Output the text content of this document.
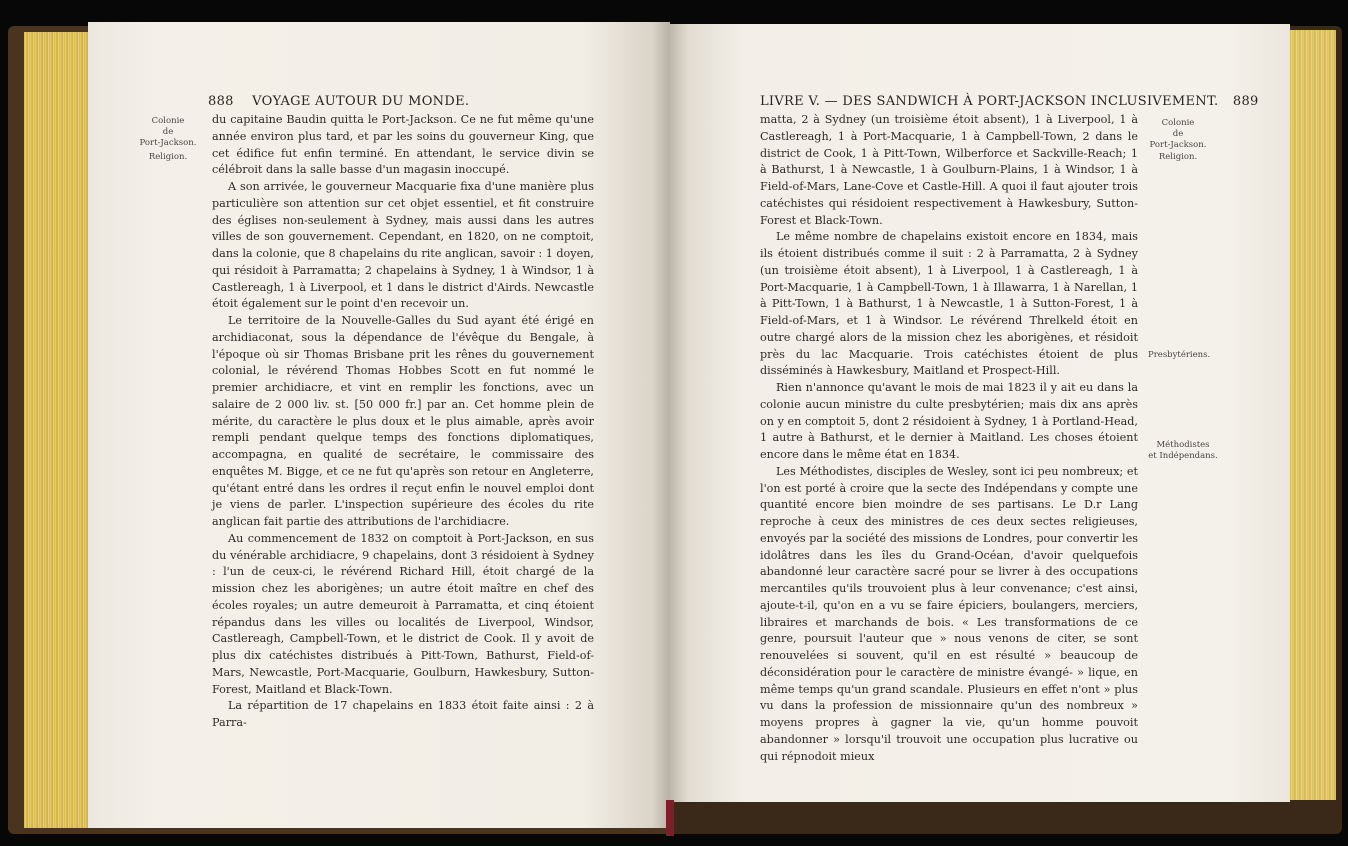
888 VOYAGE AUTOUR DU MONDE.
Colonie
de
Port-Jackson.
Religion.

du capitaine Baudin quitta le Port-Jackson. Ce ne fut même qu'une année environ plus tard, et par les soins du gouverneur King, que cet édifice fut enfin terminé. En attendant, le service divin se célébroit dans la salle basse d'un magasin inoccupé.

A son arrivée, le gouverneur Macquarie fixa d'une manière plus particulière son attention sur cet objet essentiel, et fit construire des églises non-seulement à Sydney, mais aussi dans les autres villes de son gouvernement. Cependant, en 1820, on ne comptoit, dans la colonie, que 8 chapelains du rite anglican, savoir : 1 doyen, qui résidoit à Parramatta; 2 chapelains à Sydney, 1 à Windsor, 1 à Castlereagh, 1 à Liverpool, et 1 dans le district d'Airds. Newcastle étoit également sur le point d'en recevoir un.

Le territoire de la Nouvelle-Galles du Sud ayant été érigé en archidiaconat, sous la dépendance de l'évêque du Bengale, à l'époque où sir Thomas Brisbane prit les rênes du gouvernement colonial, le révérend Thomas Hobbes Scott en fut nommé le premier archidiacre, et vint en remplir les fonctions, avec un salaire de 2 000 liv. st. [50 000 fr.] par an. Cet homme plein de mérite, du caractère le plus doux et le plus aimable, après avoir rempli pendant quelque temps des fonctions diplomatiques, accompagna, en qualité de secrétaire, le commissaire des enquêtes M. Bigge, et ce ne fut qu'après son retour en Angleterre, qu'étant entré dans les ordres il reçut enfin le nouvel emploi dont je viens de parler. L'inspection supérieure des écoles du rite anglican fait partie des attributions de l'archidiacre.

Au commencement de 1832 on comptoit à Port-Jackson, en sus du vénérable archidiacre, 9 chapelains, dont 3 résidoient à Sydney : l'un de ceux-ci, le révérend Richard Hill, étoit chargé de la mission chez les aborigènes; un autre étoit maître en chef des écoles royales; un autre demeuroit à Parramatta, et cinq étoient répandus dans les villes ou localités de Liverpool, Windsor, Castlereagh, Campbell-Town, et le district de Cook. Il y avoit de plus dix catéchistes distribués à Pitt-Town, Bathurst, Field-of-Mars, Newcastle, Port-Macquarie, Goulburn, Hawkesbury, Sutton-Forest, Maitland et Black-Town.

La répartition de 17 chapelains en 1833 étoit faite ainsi : 2 à Parra-

LIVRE V. — DES SANDWICH À PORT-JACKSON INCLUSIVEMENT. 889
Colonie
de
Port-Jackson.
Religion.
Presbytériens.
Méthodistes
et Indépendans.

matta, 2 à Sydney (un troisième étoit absent), 1 à Liverpool, 1 à Castlereagh, 1 à Port-Macquarie, 1 à Campbell-Town, 2 dans le district de Cook, 1 à Pitt-Town, Wilberforce et Sackville-Reach; 1 à Bathurst, 1 à Newcastle, 1 à Goulburn-Plains, 1 à Windsor, 1 à Field-of-Mars, Lane-Cove et Castle-Hill. A quoi il faut ajouter trois catéchistes qui résidoient respectivement à Hawkesbury, Sutton-Forest et Black-Town.

Le même nombre de chapelains existoit encore en 1834, mais ils étoient distribués comme il suit : 2 à Parramatta, 2 à Sydney (un troisième étoit absent), 1 à Liverpool, 1 à Castlereagh, 1 à Port-Macquarie, 1 à Campbell-Town, 1 à Illawarra, 1 à Narellan, 1 à Pitt-Town, 1 à Bathurst, 1 à Newcastle, 1 à Sutton-Forest, 1 à Field-of-Mars, et 1 à Windsor. Le révérend Threlkeld étoit en outre chargé alors de la mission chez les aborigènes, et résidoit près du lac Macquarie. Trois catéchistes étoient de plus disséminés à Hawkesbury, Maitland et Prospect-Hill.

Rien n'annonce qu'avant le mois de mai 1823 il y ait eu dans la colonie aucun ministre du culte presbytérien; mais dix ans après on y en comptoit 5, dont 2 résidoient à Sydney, 1 à Portland-Head, 1 autre à Bathurst, et le dernier à Maitland. Les choses étoient encore dans le même état en 1834.

Les Méthodistes, disciples de Wesley, sont ici peu nombreux; et l'on est porté à croire que la secte des Indépendans y compte une quantité encore bien moindre de ses partisans. Le D.r Lang reproche à ceux des ministres de ces deux sectes religieuses, envoyés par la société des missions de Londres, pour convertir les idolâtres dans les îles du Grand-Océan, d'avoir quelquefois abandonné leur caractère sacré pour se livrer à des occupations mercantiles qu'ils trouvoient plus à leur convenance; c'est ainsi, ajoute-t-il, qu'on en a vu se faire épiciers, boulangers, merciers, libraires et marchands de bois. « Les transformations de ce genre, poursuit l'auteur que » nous venons de citer, se sont renouvelées si souvent, qu'il en est résulté » beaucoup de déconsidération pour le caractère de ministre évangé- » lique, en même temps qu'un grand scandale. Plusieurs en effet n'ont » plus vu dans la profession de missionnaire qu'un des nombreux » moyens propres à gagner la vie, qu'un homme pouvoit abandonner » lorsqu'il trouvoit une occupation plus lucrative ou qui répnodoit mieux
